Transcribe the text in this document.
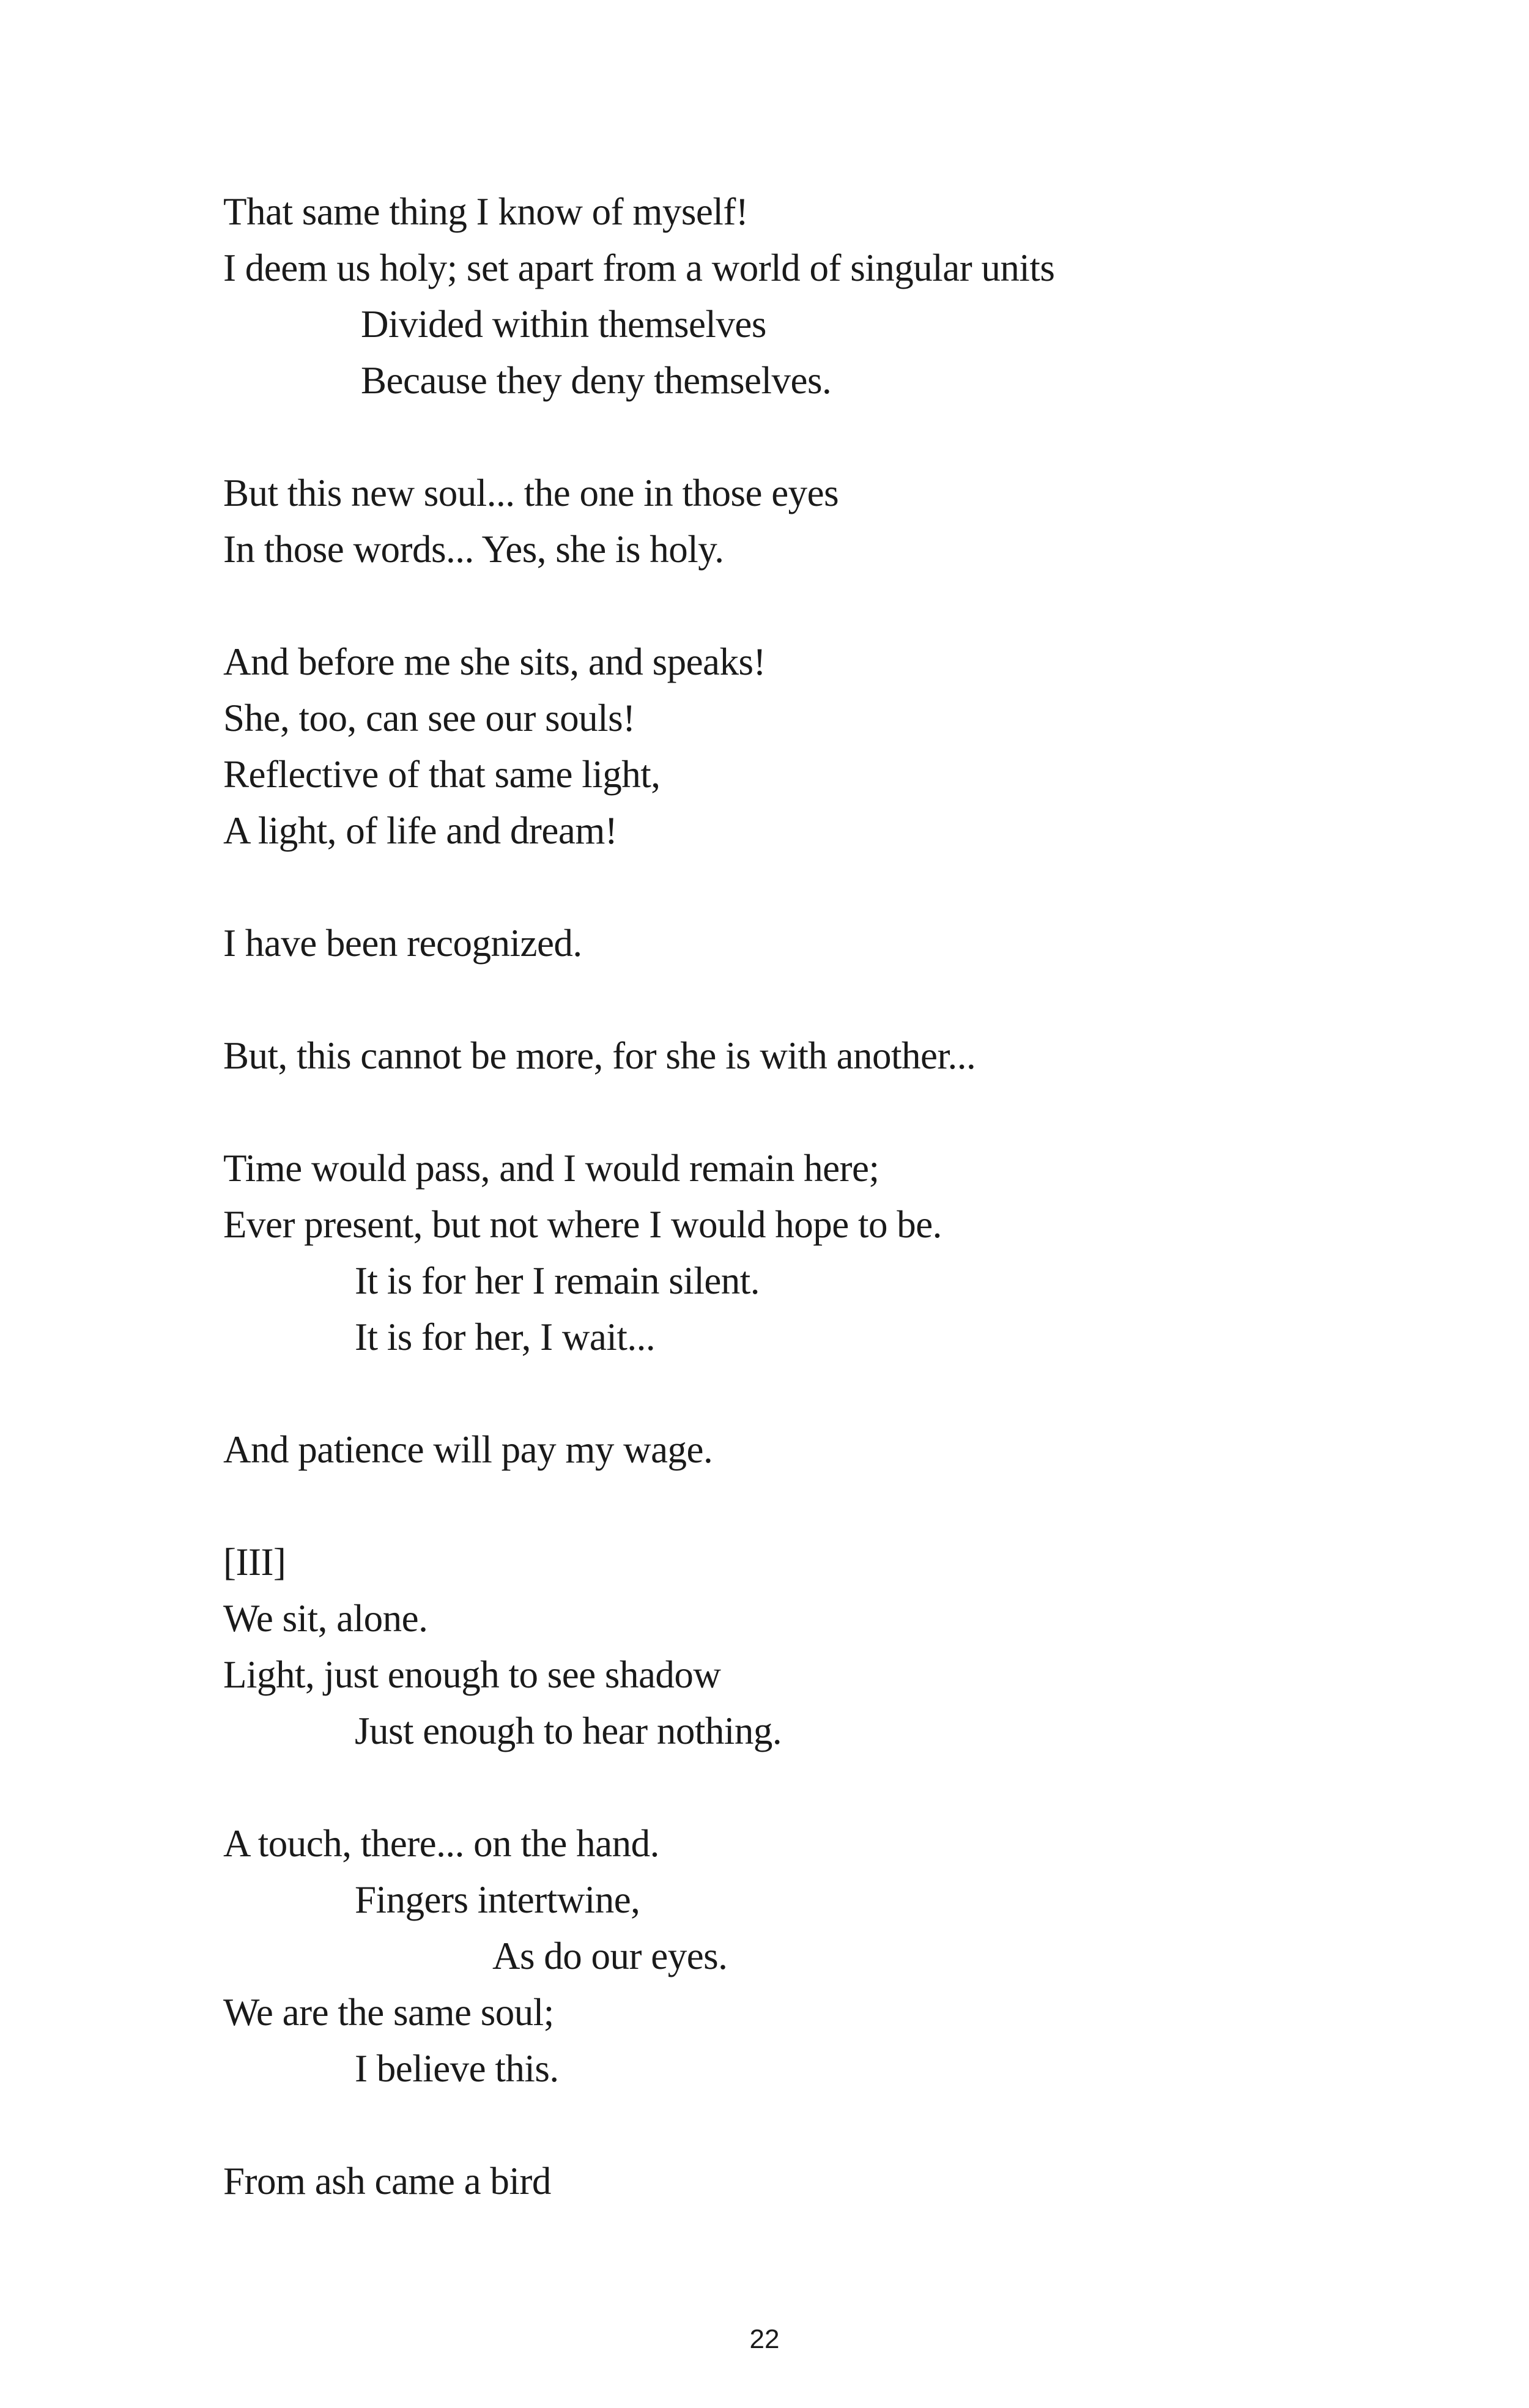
That same thing I know of myself!
I deem us holy; set apart from a world of singular units
Divided within themselves
Because they deny themselves.
But this new soul... the one in those eyes
In those words... Yes, she is holy.
And before me she sits, and speaks!
She, too, can see our souls!
Reflective of that same light,
A light, of life and dream!
I have been recognized.
But, this cannot be more, for she is with another...
Time would pass, and I would remain here;
Ever present, but not where I would hope to be.
It is for her I remain silent.
It is for her, I wait...
And patience will pay my wage.
[III]
We sit, alone.
Light, just enough to see shadow
Just enough to hear nothing.
A touch, there... on the hand.
Fingers intertwine,
As do our eyes.
We are the same soul;
I believe this.
From ash came a bird
22
